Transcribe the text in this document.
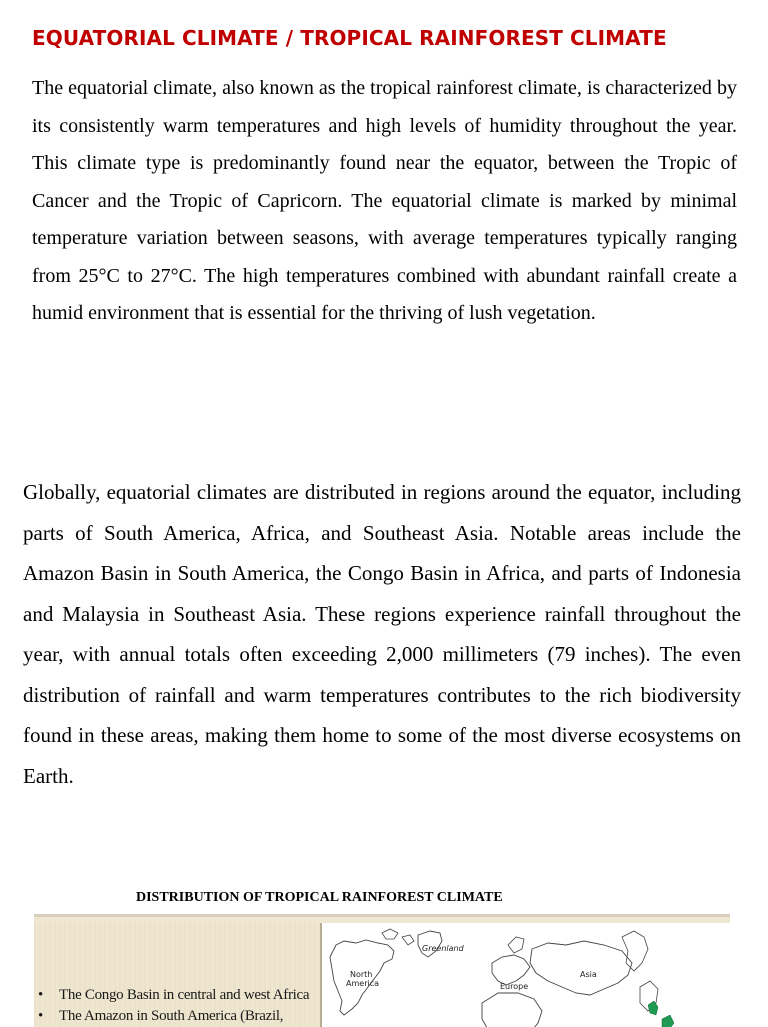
EQUATORIAL CLIMATE / TROPICAL RAINFOREST CLIMATE

The equatorial climate, also known as the tropical rainforest climate, is characterized by its consistently warm temperatures and high levels of humidity throughout the year. This climate type is predominantly found near the equator, between the Tropic of Cancer and the Tropic of Capricorn. The equatorial climate is marked by minimal temperature variation between seasons, with average temperatures typically ranging from 25°C to 27°C. The high temperatures combined with abundant rainfall create a humid environment that is essential for the thriving of lush vegetation.

Globally, equatorial climates are distributed in regions around the equator, including parts of South America, Africa, and Southeast Asia. Notable areas include the Amazon Basin in South America, the Congo Basin in Africa, and parts of Indonesia and Malaysia in Southeast Asia. These regions experience rainfall throughout the year, with annual totals often exceeding 2,000 millimeters (79 inches). The even distribution of rainfall and warm temperatures contributes to the rich biodiversity found in these areas, making them home to some of the most diverse ecosystems on Earth.

DISTRIBUTION OF TROPICAL RAINFOREST CLIMATE

• The Congo Basin in central and west Africa
• The Amazon in South America (Brazil,
Greenland
North America	Europe
Asia
